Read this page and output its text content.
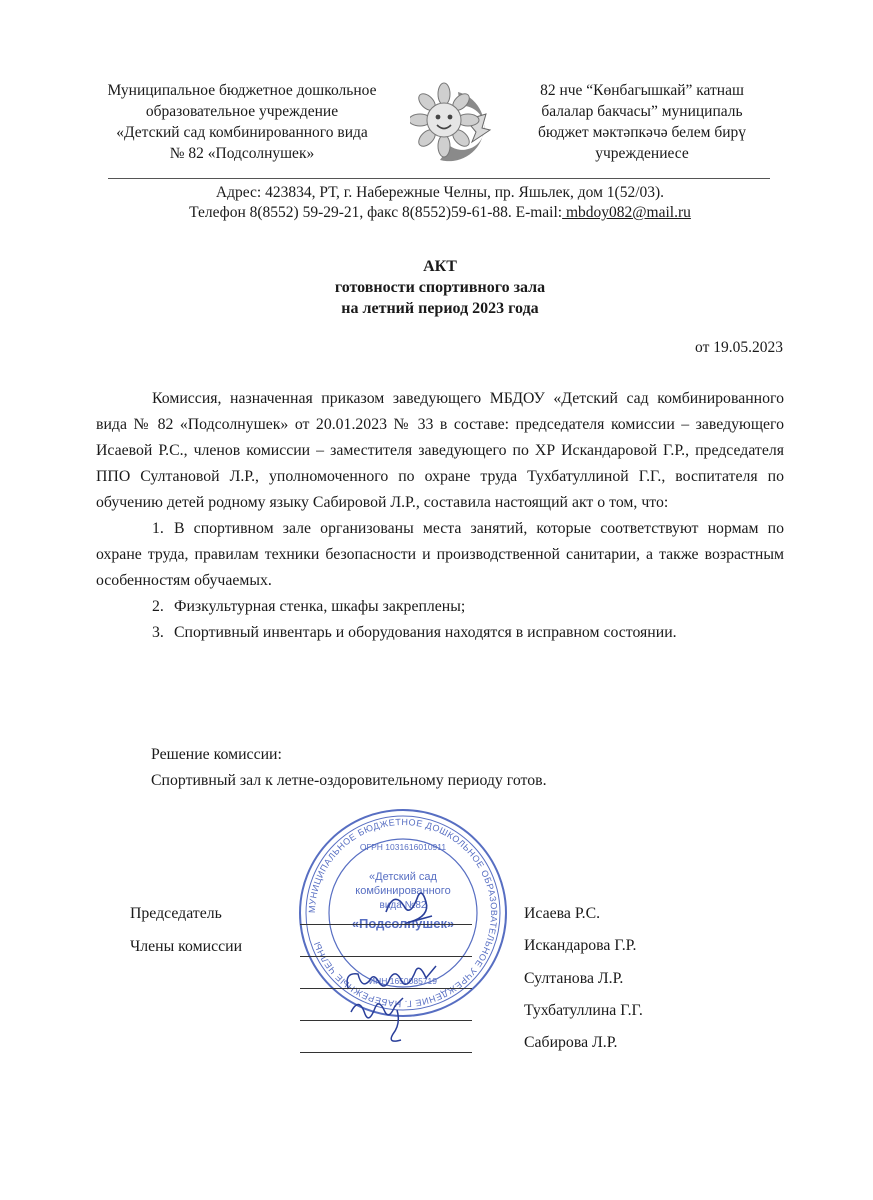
Муниципальное бюджетное дошкольное
образовательное учреждение
«Детский сад комбинированного вида
№ 82 «Подсолнушек»
82 нче “Көнбагышкай” катнаш
балалар бакчасы” муниципаль
бюджет мәктәпкәчә белем бирү
учреждениесе
Адрес: 423834, РТ, г. Набережные Челны, пр. Яшьлек, дом 1(52/03).
Телефон 8(8552) 59-29-21, факс 8(8552)59-61-88. E-mail: mbdoy082@mail.ru
АКТ
готовности спортивного зала
на летний период 2023 года
от 19.05.2023

Комиссия, назначенная приказом заведующего МБДОУ «Детский сад комбинированного вида № 82 «Подсолнушек» от 20.01.2023 № 33 в составе: председателя комиссии – заведующего Исаевой Р.С., членов комиссии – заместителя заведующего по ХР Искандаровой Г.Р., председателя ППО Султановой Л.Р., уполномоченного по охране труда Тухбатуллиной Г.Г., воспитателя по обучению детей родному языку Сабировой Л.Р., составила настоящий акт о том, что:

1. В спортивном зале организованы места занятий, которые соответствуют нормам по охране труда, правилам техники безопасности и производственной санитарии, а также возрастным особенностям обучаемых.
2. Физкультурная стенка, шкафы закреплены;
3. Спортивный инвентарь и оборудования находятся в исправном состоянии.
Решение комиссии:
Спортивный зал к летне-оздоровительному периоду готов.
МУНИЦИПАЛЬНОЕ БЮДЖЕТНОЕ ДОШКОЛЬНОЕ ОБРАЗОВАТЕЛЬНОЕ УЧРЕЖДЕНИЕ Г. НАБЕРЕЖНЫЕ ЧЕЛНЫ
ОГРН 1031616010911
ИНН 1650085719
«Детский сад
комбинированного
вида №82
«Подсолнушек»
Председатель
Члены комиссии
Исаева Р.С.
Искандарова Г.Р.
Султанова Л.Р.
Тухбатуллина Г.Г.
Сабирова Л.Р.
